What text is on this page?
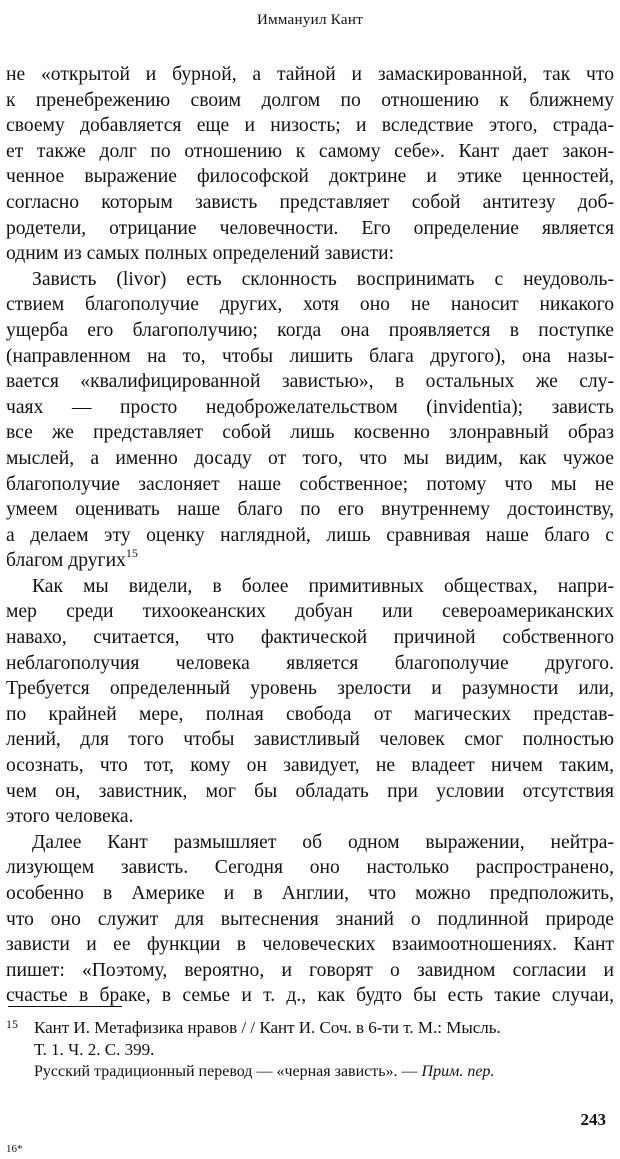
Иммануил Кант
не «открытой и бурной, а тайной и замаскированной, так что
к пренебрежению своим долгом по отношению к ближнему
своему добавляется еще и низость; и вследствие этого, страда-
ет также долг по отношению к самому себе». Кант дает закон-
ченное выражение философской доктрине и этике ценностей,
согласно которым зависть представляет собой антитезу доб-
родетели, отрицание человечности. Его определение является
одним из самых полных определений зависти:
Зависть (livor) есть склонность воспринимать с неудоволь-
ствием благополучие других, хотя оно не наносит никакого
ущерба его благополучию; когда она проявляется в поступке
(направленном на то, чтобы лишить блага другого), она назы-
вается «квалифицированной завистью», в остальных же слу-
чаях — просто недоброжелательством (invidentia); зависть
все же представляет собой лишь косвенно злонравный образ
мыслей, а именно досаду от того, что мы видим, как чужое
благополучие заслоняет наше собственное; потому что мы не
умеем оценивать наше благо по его внутреннему достоинству,
а делаем эту оценку наглядной, лишь сравнивая наше благо с
благом других$^{15}$
Как мы видели, в более примитивных обществах, напри-
мер среди тихоокеанских добуан или североамериканских
навахо, считается, что фактической причиной собственного
неблагополучия человека является благополучие другого.
Требуется определенный уровень зрелости и разумности или,
по крайней мере, полная свобода от магических представ-
лений, для того чтобы завистливый человек смог полностью
осознать, что тот, кому он завидует, не владеет ничем таким,
чем он, завистник, мог бы обладать при условии отсутствия
этого человека.
Далее Кант размышляет об одном выражении, нейтра-
лизующем зависть. Сегодня оно настолько распространено,
особенно в Америке и в Англии, что можно предположить,
что оно служит для вытеснения знаний о подлинной природе
зависти и ее функции в человеческих взаимоотношениях. Кант
пишет: «Поэтому, вероятно, и говорят о завидном согласии и
счастье в браке, в семье и т. д., как будто бы есть такие случаи,
15 Кант И. Метафизика нравов / / Кант И. Соч. в 6-ти т. М.: Мысль.
Т. 1. Ч. 2. С. 399.
Русский традиционный перевод — «черная зависть». — Прим. пер.
243
16*
